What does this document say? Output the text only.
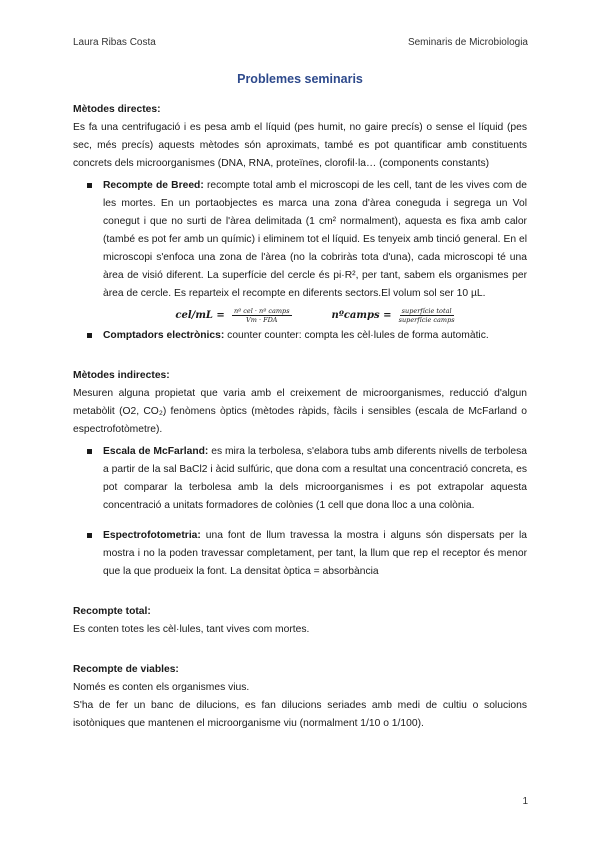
Laura Ribas Costa	Seminaris de Microbiologia
Problemes seminaris

Mètodes directes:

Es fa una centrifugació i es pesa amb el líquid (pes humit, no gaire precís) o sense el líquid (pes sec, més precís) aquests mètodes són aproximats, també es pot quantificar amb constituents concrets dels microorganismes (DNA, RNA, proteïnes, clorofil·la… (components constants)

Recompte de Breed: recompte total amb el microscopi de les cell, tant de les vives com de les mortes. En un portaobjectes es marca una zona d'àrea coneguda i segrega un Vol conegut i que no surti de l'àrea delimitada (1 cm² normalment), aquesta es fixa amb calor (també es pot fer amb un químic) i eliminem tot el líquid. Es tenyeix amb tinció general. En el microscopi s'enfoca una zona de l'àrea (no la cobriràs tota d'una), cada microscopi té una àrea de visió diferent. La superfície del cercle és pi·R², per tant, sabem els organismes per àrea de cercle. Es reparteix el recompte en diferents sectors.El volum sol ser 10 µL.
$cel/mL = \frac{\text{nº cel · nº camps}}{\text{Vm · FDA}}$	nºcamps = $\frac{\text{superfície total}}{\text{superfície camps}}$
Comptadors electrònics: counter counter: compta les cèl·lules de forma automàtic.

Mètodes indirectes:

Mesuren alguna propietat que varia amb el creixement de microorganismes, reducció d'algun metabòlit (O2, CO₂) fenòmens òptics (mètodes ràpids, fàcils i sensibles (escala de McFarland o espectrofotòmetre).

Escala de McFarland: es mira la terbolesa, s'elabora tubs amb diferents nivells de terbolesa a partir de la sal BaCl2 i àcid sulfúric, que dona com a resultat una concentració concreta, es pot comparar la terbolesa amb la dels microorganismes i es pot extrapolar aquesta concentració a unitats formadores de colònies (1 cell que dona lloc a una colònia.
Espectrofotometria: una font de llum travessa la mostra i alguns són dispersats per la mostra i no la poden travessar completament, per tant, la llum que rep el receptor és menor que la que produeix la font. La densitat òptica = absorbància

Recompte total:

Es conten totes les cèl·lules, tant vives com mortes.

Recompte de viables:

Només es conten els organismes vius.

S'ha de fer un banc de dilucions, es fan dilucions seriades amb medi de cultiu o solucions isotòniques que mantenen el microorganisme viu (normalment 1/10 o 1/100).

1
